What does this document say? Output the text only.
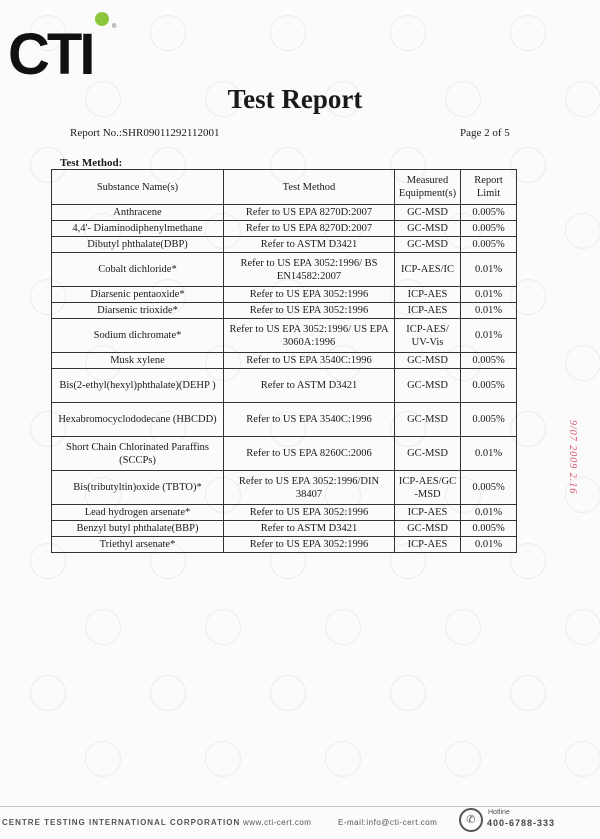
CTI	®
Test Report
Report No.:SHR09011292112001	Page 2 of 5
Test Method:
Substance Name(s)	Test Method	Measured Equipment(s)	Report Limit
Anthracene	Refer to US EPA 8270D:2007	GC-MSD	0.005%
4,4'- Diaminodiphenylmethane	Refer to US EPA 8270D:2007	GC-MSD	0.005%
Dibutyl phthalate(DBP)	Refer to ASTM D3421	GC-MSD	0.005%
Cobalt dichloride*	Refer to US EPA 3052:1996/ BS EN14582:2007	ICP-AES/IC	0.01%
Diarsenic pentaoxide*	Refer to US EPA 3052:1996	ICP-AES	0.01%
Diarsenic trioxide*	Refer to US EPA 3052:1996	ICP-AES	0.01%
Sodium dichromate*	Refer to US EPA 3052:1996/ US EPA 3060A:1996	ICP-AES/ UV-Vis	0.01%
Musk xylene	Refer to US EPA 3540C:1996	GC-MSD	0.005%
Bis(2-ethyl(hexyl)phthalate)(DEHP )	Refer to ASTM D3421	GC-MSD	0.005%
Hexabromocyclododecane (HBCDD)	Refer to US EPA 3540C:1996	GC-MSD	0.005%
Short Chain Chlorinated Paraffins (SCCPs)	Refer to US EPA 8260C:2006	GC-MSD	0.01%
Bis(tributyltin)oxide (TBTO)*	Refer to US EPA 3052:1996/DIN 38407	ICP-AES/GC -MSD	0.005%
Lead hydrogen arsenate*	Refer to US EPA 3052:1996	ICP-AES	0.01%
Benzyl butyl phthalate(BBP)	Refer to ASTM D3421	GC-MSD	0.005%
Triethyl arsenate*	Refer to US EPA 3052:1996	ICP-AES	0.01%
9/07 2009 2.16
CENTRE TESTING INTERNATIONAL CORPORATION www.cti-cert.com	E-mail:info@cti-cert.com	✆
Hotline
400-6788-333
